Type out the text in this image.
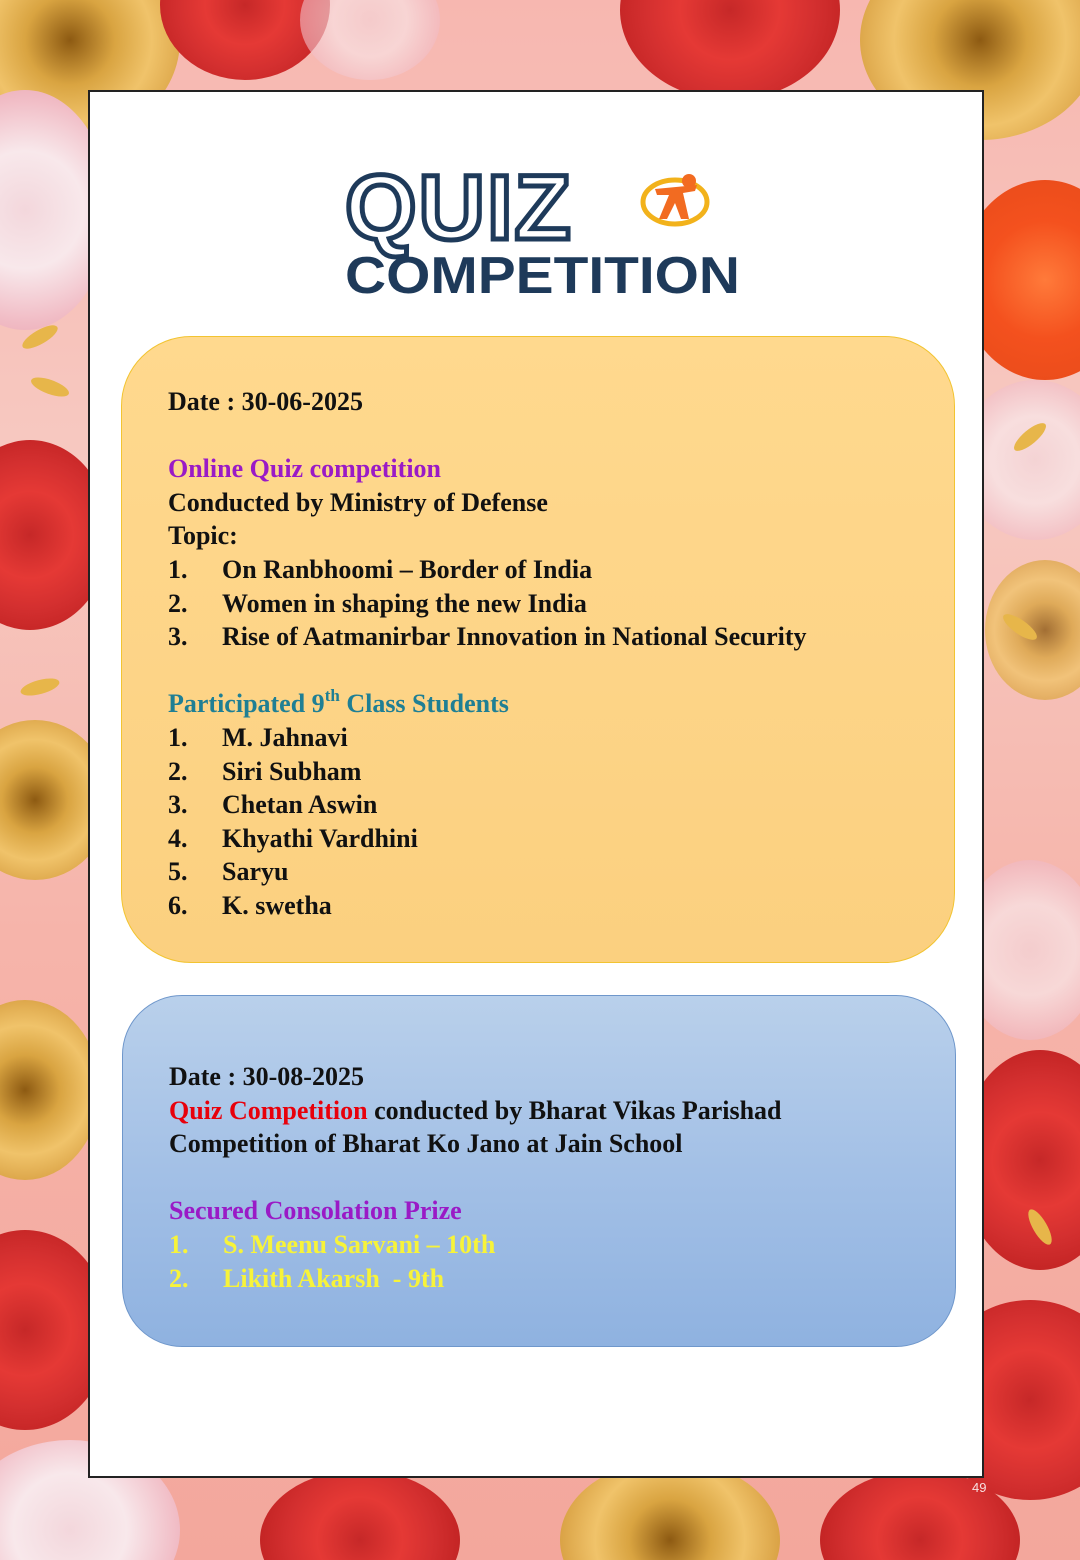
QUIZ
COMPETITION
Date : 30-06-2025
Online Quiz competition
Conducted by Ministry of Defense
Topic:
1. On Ranbhoomi – Border of India
2. Women in shaping the new India
3. Rise of Aatmanirbar Innovation in National Security
Participated 9th Class Students
1. M. Jahnavi
2. Siri Subham
3. Chetan Aswin
4. Khyathi Vardhini
5. Saryu
6. K. swetha
Date : 30-08-2025
Quiz Competition conducted by Bharat Vikas Parishad
Competition of Bharat Ko Jano at Jain School
Secured Consolation Prize
1. S. Meenu Sarvani – 10th
2. Likith Akarsh  - 9th
49
